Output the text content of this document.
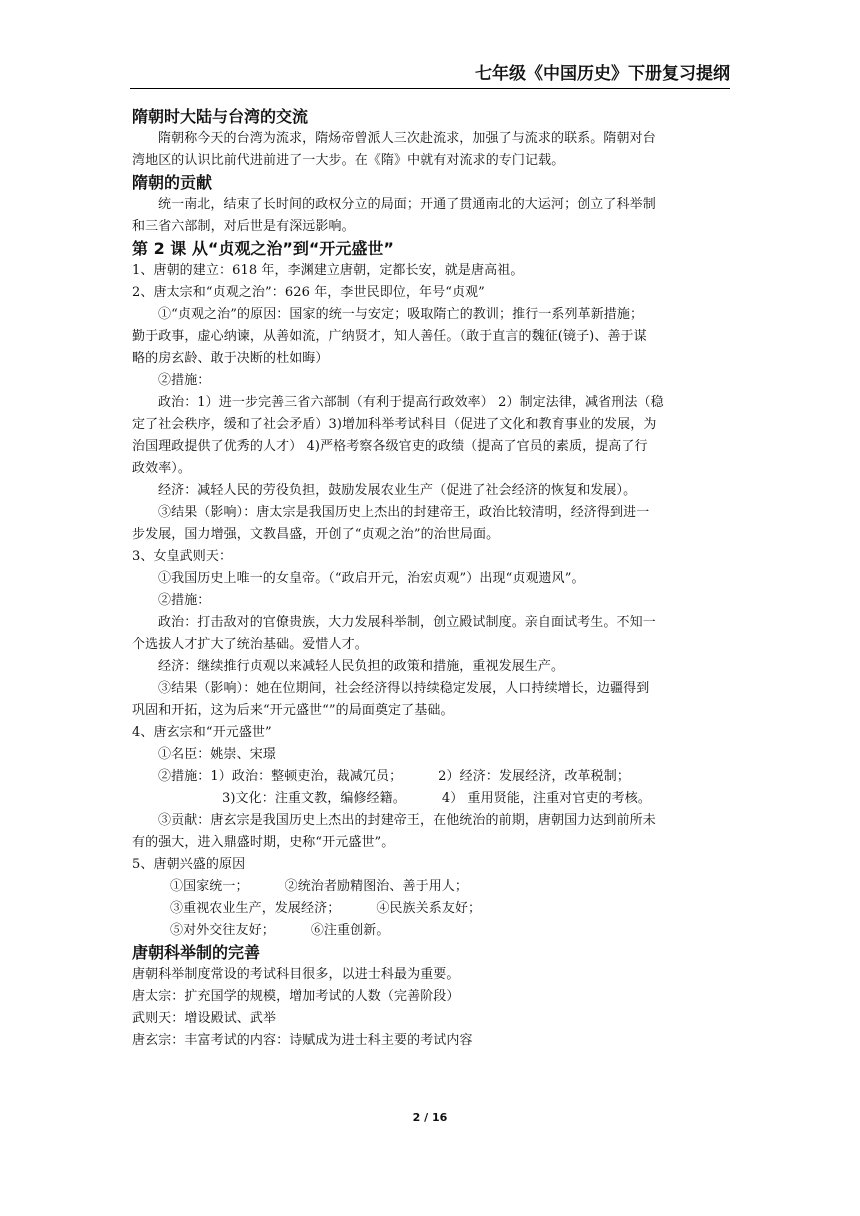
七年级《中国历史》下册复习提纲
隋朝时大陆与台湾的交流
隋朝称今天的台湾为流求，隋炀帝曾派人三次赴流求，加强了与流求的联系。隋朝对台
湾地区的认识比前代进前进了一大步。在《隋》中就有对流求的专门记载。
隋朝的贡献
统一南北，结束了长时间的政权分立的局面；开通了贯通南北的大运河；创立了科举制
和三省六部制，对后世是有深远影响。
第 2 课 从“贞观之治”到“开元盛世”
1、唐朝的建立：618 年，李渊建立唐朝，定都长安，就是唐高祖。
2、唐太宗和“贞观之治”：626 年，李世民即位，年号“贞观”
①“贞观之治”的原因：国家的统一与安定；吸取隋亡的教训；推行一系列革新措施；
勤于政事，虚心纳谏，从善如流，广纳贤才，知人善任。（敢于直言的魏征(镜子)、善于谋
略的房玄龄、敢于决断的杜如晦）
②措施：
政治：1）进一步完善三省六部制（有利于提高行政效率） 2）制定法律，减省刑法（稳
定了社会秩序，缓和了社会矛盾）3)增加科举考试科目（促进了文化和教育事业的发展，为
治国理政提供了优秀的人才） 4)严格考察各级官吏的政绩（提高了官员的素质，提高了行
政效率）。
经济：减轻人民的劳役负担，鼓励发展农业生产（促进了社会经济的恢复和发展）。
③结果（影响）：唐太宗是我国历史上杰出的封建帝王，政治比较清明，经济得到进一
步发展，国力增强，文教昌盛，开创了“贞观之治”的治世局面。
3、女皇武则天：
①我国历史上唯一的女皇帝。（“政启开元，治宏贞观”）出现“贞观遗风”。
②措施：
政治：打击敌对的官僚贵族，大力发展科举制，创立殿试制度。亲自面试考生。不知一
个选拔人才扩大了统治基础。爱惜人才。
经济：继续推行贞观以来减轻人民负担的政策和措施，重视发展生产。
③结果（影响）：她在位期间，社会经济得以持续稳定发展，人口持续增长，边疆得到
巩固和开拓，这为后来“开元盛世“”的局面奠定了基础。
4、唐玄宗和“开元盛世”
①名臣：姚崇、宋璟
②措施：1）政治：整顿吏治，裁减冗员；	2）经济：发展经济，改革税制；
3)文化：注重文教，编修经籍。	4） 重用贤能，注重对官吏的考核。
③贡献：唐玄宗是我国历史上杰出的封建帝王，在他统治的前期，唐朝国力达到前所未
有的强大，进入鼎盛时期，史称“开元盛世”。
5、唐朝兴盛的原因
①国家统一；	②统治者励精图治、善于用人；
③重视农业生产，发展经济；	④民族关系友好；
⑤对外交往友好；	⑥注重创新。
唐朝科举制的完善
唐朝科举制度常设的考试科目很多，以进士科最为重要。
唐太宗：扩充国学的规模，增加考试的人数（完善阶段）
武则天：增设殿试、武举
唐玄宗：丰富考试的内容：诗赋成为进士科主要的考试内容
2 / 16
